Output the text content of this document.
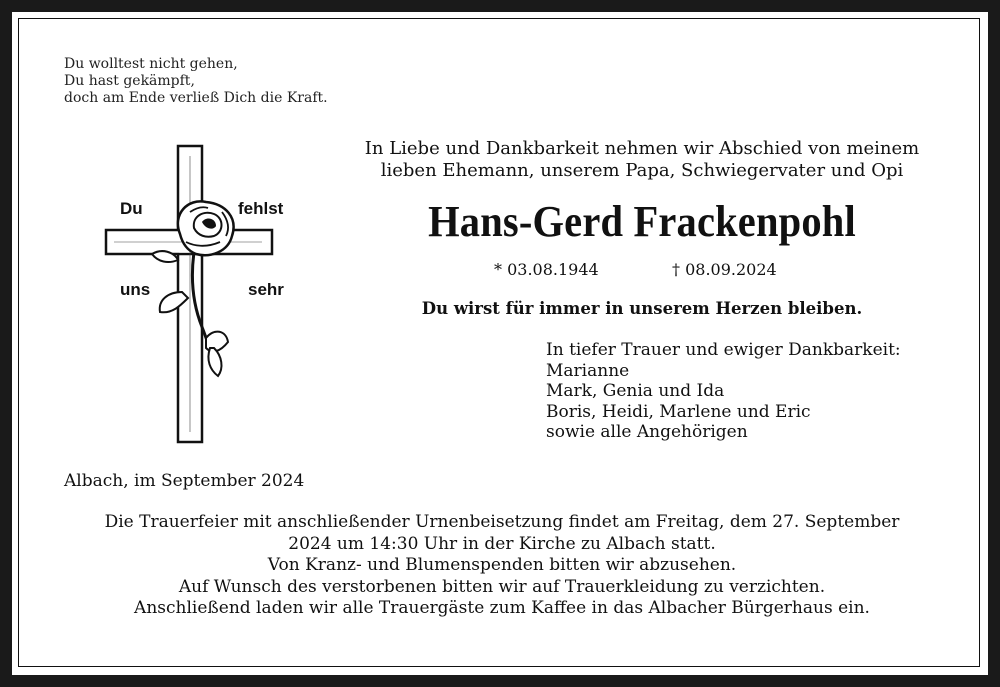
Du wolltest nicht gehen,
Du hast gekämpft,
doch am Ende verließ Dich die Kraft.
Du	fehlst
uns	sehr
In Liebe und Dankbarkeit nehmen wir Abschied von meinem
lieben Ehemann, unserem Papa, Schwiegervater und Opi
Hans-Gerd Frackenpohl
* 03.08.1944	† 08.09.2024
Du wirst für immer in unserem Herzen bleiben.
In tiefer Trauer und ewiger Dankbarkeit:
Marianne
Mark, Genia und Ida
Boris, Heidi, Marlene und Eric
sowie alle Angehörigen
Albach, im September 2024
Die Trauerfeier mit anschließender Urnenbeisetzung findet am Freitag, dem 27. September
2024 um 14:30 Uhr in der Kirche zu Albach statt.
Von Kranz- und Blumenspenden bitten wir abzusehen.
Auf Wunsch des verstorbenen bitten wir auf Trauerkleidung zu verzichten.
Anschließend laden wir alle Trauergäste zum Kaffee in das Albacher Bürgerhaus ein.
